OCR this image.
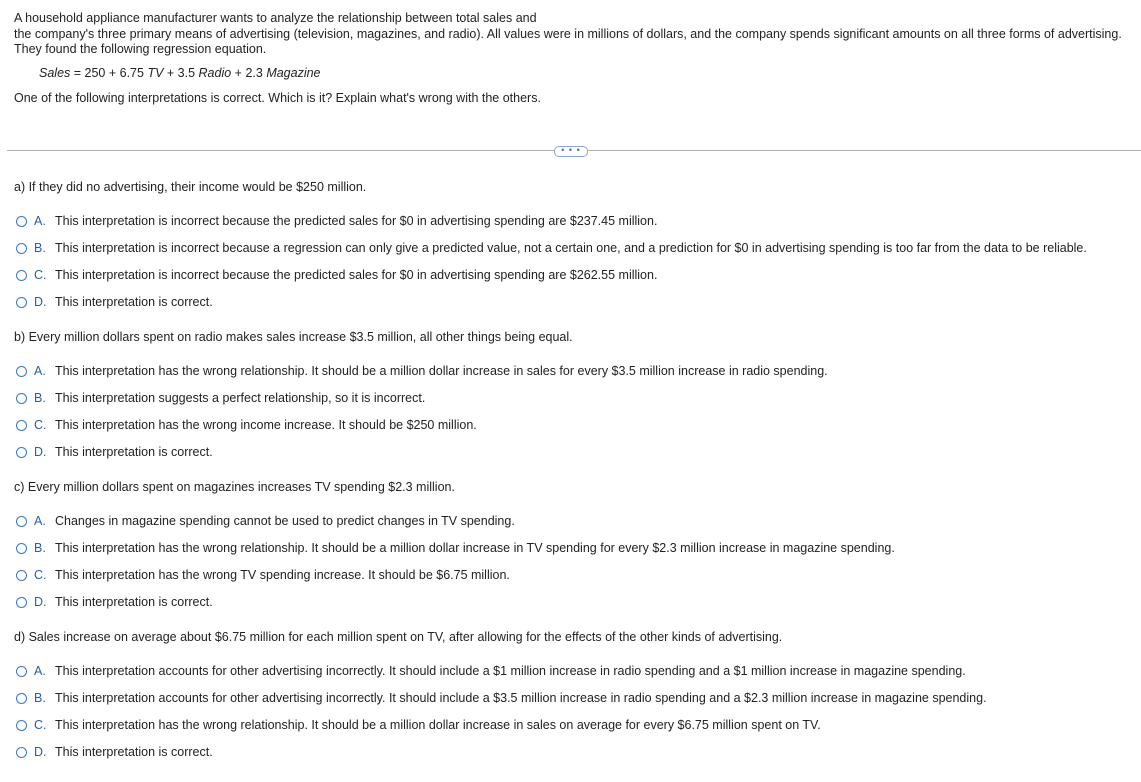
A household appliance manufacturer wants to analyze the relationship between total sales and

the company's three primary means of advertising (television, magazines, and radio). All values were in millions of dollars, and the company spends significant amounts on all three forms of advertising. They found the following regression equation.

Sales = 250 + 6.75 TV + 3.5 Radio + 2.3 Magazine
One of the following interpretations is correct. Which is it? Explain what's wrong with the others.
• • •
a) If they did no advertising, their income would be $250 million.
A. This interpretation is incorrect because the predicted sales for $0 in advertising spending are $237.45 million.
B. This interpretation is incorrect because a regression can only give a predicted value, not a certain one, and a prediction for $0 in advertising spending is too far from the data to be reliable.
C. This interpretation is incorrect because the predicted sales for $0 in advertising spending are $262.55 million.
D. This interpretation is correct.
b) Every million dollars spent on radio makes sales increase $3.5 million, all other things being equal.
A. This interpretation has the wrong relationship. It should be a million dollar increase in sales for every $3.5 million increase in radio spending.
B. This interpretation suggests a perfect relationship, so it is incorrect.
C. This interpretation has the wrong income increase. It should be $250 million.
D. This interpretation is correct.
c) Every million dollars spent on magazines increases TV spending $2.3 million.
A. Changes in magazine spending cannot be used to predict changes in TV spending.
B. This interpretation has the wrong relationship. It should be a million dollar increase in TV spending for every $2.3 million increase in magazine spending.
C. This interpretation has the wrong TV spending increase. It should be $6.75 million.
D. This interpretation is correct.
d) Sales increase on average about $6.75 million for each million spent on TV, after allowing for the effects of the other kinds of advertising.
A. This interpretation accounts for other advertising incorrectly. It should include a $1 million increase in radio spending and a $1 million increase in magazine spending.
B. This interpretation accounts for other advertising incorrectly. It should include a $3.5 million increase in radio spending and a $2.3 million increase in magazine spending.
C. This interpretation has the wrong relationship. It should be a million dollar increase in sales on average for every $6.75 million spent on TV.
D. This interpretation is correct.
